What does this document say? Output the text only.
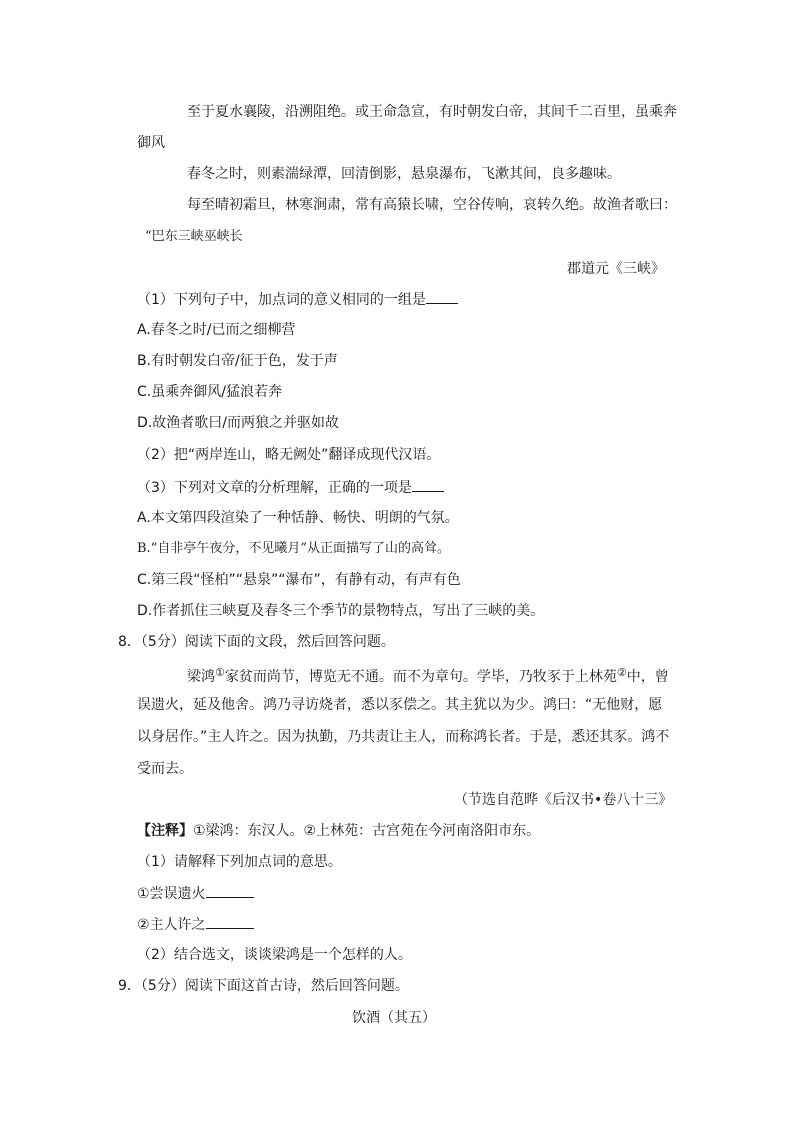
至于夏水襄陵，沿溯阻绝。或王命急宣，有时朝发白帝，其间千二百里，虽乘奔
御风
春冬之时，则素湍绿潭，回清倒影，悬泉瀑布，飞漱其间，良多趣味。
每至晴初霜旦，林寒涧肃，常有高猿长啸，空谷传响，哀转久绝。故渔者歌曰：
“巴东三峡巫峡长
郡道元《三峡》
（1）下列句子中，加点词的意义相同的一组是
A.春冬之时/已而之细柳营
B.有时朝发白帝/征于色，发于声
C.虽乘奔御风/猛浪若奔
D.故渔者歌曰/而两狼之并驱如故
（2）把“两岸连山，略无阙处”翻译成现代汉语。
（3）下列对文章的分析理解，正确的一项是
A.本文第四段渲染了一种恬静、畅快、明朗的气氛。
B.“自非亭午夜分，不见曦月”从正面描写了山的高耸。
C.第三段“怪柏”“悬泉”“瀑布”，有静有动，有声有色
D.作者抓住三峡夏及春冬三个季节的景物特点，写出了三峡的美。
8．（5分）阅读下面的文段，然后回答问题。
梁鸿①家贫而尚节，博览无不通。而不为章句。学毕，乃牧豕于上林苑②中，曾
误遗火，延及他舍。鸿乃寻访烧者，悉以豕偿之。其主犹以为少。鸿曰：“无他财，愿
以身居作。”主人许之。因为执勤，乃共责让主人，而称鸿长者。于是，悉还其豕。鸿不
受而去。
（节选自范晔《后汉书•卷八十三》
【注释】①梁鸿：东汉人。②上林苑：古宫苑在今河南洛阳市东。
（1）请解释下列加点词的意思。
①尝误遗火
②主人许之
（2）结合选文，谈谈梁鸿是一个怎样的人。
9．（5分）阅读下面这首古诗，然后回答问题。
饮酒（其五）
